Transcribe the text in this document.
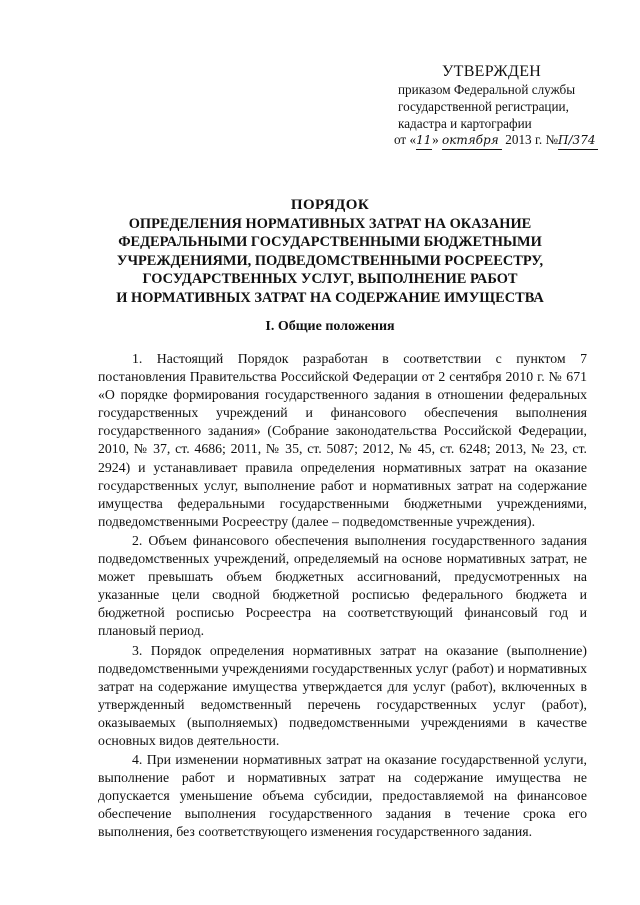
УТВЕРЖДЕН
приказом Федеральной службы
государственной регистрации,
кадастра и картографии
от «11» октября 2013 г. №П/374
ПОРЯДОК
ОПРЕДЕЛЕНИЯ НОРМАТИВНЫХ ЗАТРАТ НА ОКАЗАНИЕ
ФЕДЕРАЛЬНЫМИ ГОСУДАРСТВЕННЫМИ БЮДЖЕТНЫМИ
УЧРЕЖДЕНИЯМИ, ПОДВЕДОМСТВЕННЫМИ РОСРЕЕСТРУ,
ГОСУДАРСТВЕННЫХ УСЛУГ, ВЫПОЛНЕНИЕ РАБОТ
И НОРМАТИВНЫХ ЗАТРАТ НА СОДЕРЖАНИЕ ИМУЩЕСТВА
I. Общие положения

1. Настоящий Порядок разработан в соответствии с пунктом 7 постановления Правительства Российской Федерации от 2 сентября 2010 г. № 671 «О порядке формирования государственного задания в отношении федеральных государственных учреждений и финансового обеспечения выполнения государственного задания» (Собрание законодательства Российской Федерации, 2010, № 37, ст. 4686; 2011, № 35, ст. 5087; 2012, № 45, ст. 6248; 2013, № 23, ст. 2924) и устанавливает правила определения нормативных затрат на оказание государственных услуг, выполнение работ и нормативных затрат на содержание имущества федеральными государственными бюджетными учреждениями, подведомственными Росреестру (далее – подведомственные учреждения).

2. Объем финансового обеспечения выполнения государственного задания подведомственных учреждений, определяемый на основе нормативных затрат, не может превышать объем бюджетных ассигнований, предусмотренных на указанные цели сводной бюджетной росписью федерального бюджета и бюджетной росписью Росреестра на соответствующий финансовый год и плановый период.

3. Порядок определения нормативных затрат на оказание (выполнение) подведомственными учреждениями государственных услуг (работ) и нормативных затрат на содержание имущества утверждается для услуг (работ), включенных в утвержденный ведомственный перечень государственных услуг (работ), оказываемых (выполняемых) подведомственными учреждениями в качестве основных видов деятельности.

4. При изменении нормативных затрат на оказание государственной услуги, выполнение работ и нормативных затрат на содержание имущества не допускается уменьшение объема субсидии, предоставляемой на финансовое обеспечение выполнения государственного задания в течение срока его выполнения, без соответствующего изменения государственного задания.
